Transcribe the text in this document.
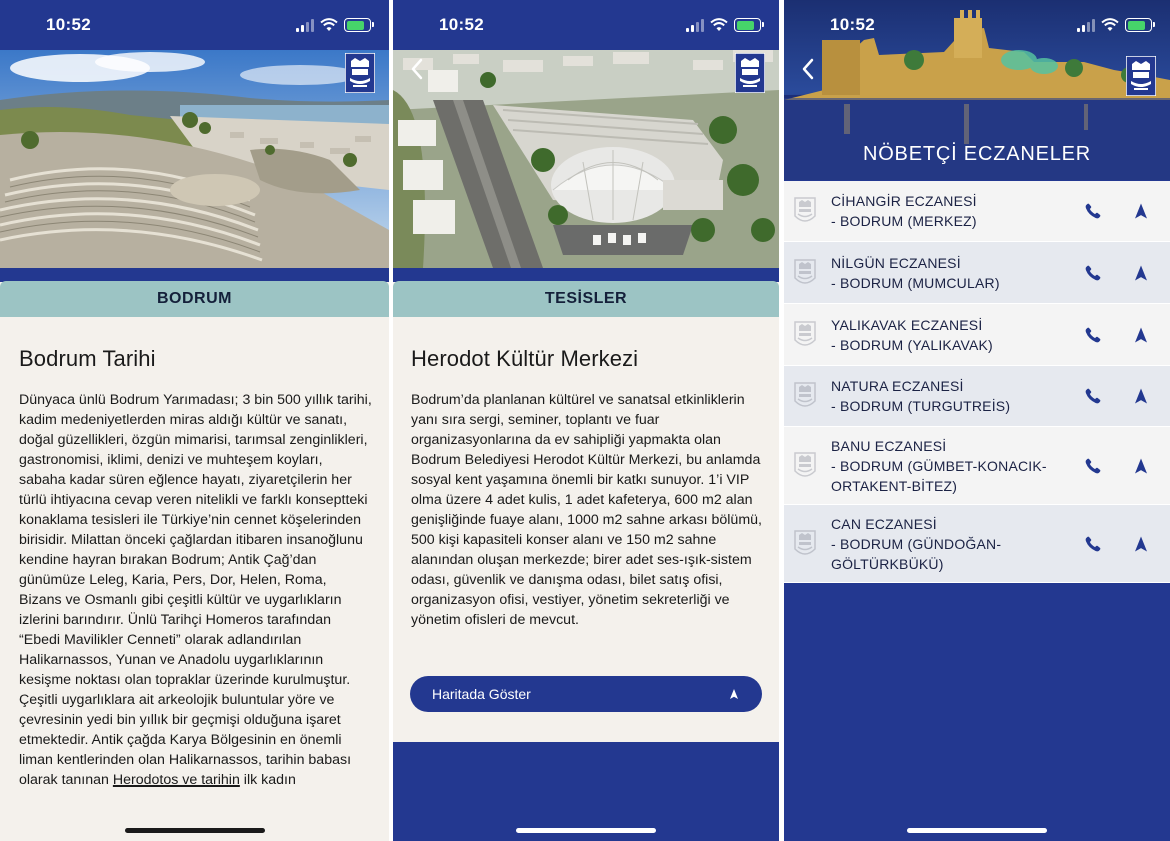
10:52
BODRUM
Bodrum Tarihi

Dünyaca ünlü Bodrum Yarımadası; 3 bin 500 yıllık tarihi, kadim medeniyetlerden miras aldığı kültür ve sanatı, doğal güzellikleri, özgün mimarisi, tarımsal zenginlikleri, gastronomisi, iklimi, denizi ve muhteşem koyları, sabaha kadar süren eğlence hayatı, ziyaretçilerin her türlü ihtiyacına cevap veren nitelikli ve farklı konseptteki konaklama tesisleri ile Türkiye’nin cennet köşelerinden birisidir. Milattan önceki çağlardan itibaren insanoğlunu kendine hayran bırakan Bodrum; Antik Çağ’dan günümüze Leleg, Karia, Pers, Dor, Helen, Roma, Bizans ve Osmanlı gibi çeşitli kültür ve uygarlıkların izlerini barındırır. Ünlü Tarihçi Homeros tarafından “Ebedi Mavilikler Cenneti” olarak adlandırılan Halikarnassos, Yunan ve Anadolu uygarlıklarının kesişme noktası olan topraklar üzerinde kurulmuştur. Çeşitli uygarlıklara ait arkeolojik buluntular yöre ve çevresinin yedi bin yıllık bir geçmişi olduğuna işaret etmektedir. Antik çağda Karya Bölgesinin en önemli liman kentlerinden olan Halikarnassos, tarihin babası olarak tanınan Herodotos ve tarihin ilk kadın

10:52
TESİSLER
Herodot Kültür Merkezi

Bodrum’da planlanan kültürel ve sanatsal etkinliklerin yanı sıra sergi, seminer, toplantı ve fuar organizasyonlarına da ev sahipliği yapmakta olan Bodrum Belediyesi Herodot Kültür Merkezi, bu anlamda sosyal kent yaşamına önemli bir katkı sunuyor. 1’i VIP olma üzere 4 adet kulis, 1 adet kafeterya, 600 m2 alan genişliğinde fuaye alanı, 1000 m2 sahne arkası bölümü, 500 kişi kapasiteli konser alanı ve 150 m2 sahne alanından oluşan merkezde; birer adet ses-ışık-sistem odası, güvenlik ve danışma odası, bilet satış ofisi, organizasyon ofisi, vestiyer, yönetim sekreterliği ve yönetim ofisleri de mevcut.

Haritada Göster
10:52
NÖBETÇİ ECZANELER
CİHANGİR ECZANESİ
- BODRUM (MERKEZ)
NİLGÜN ECZANESİ
- BODRUM (MUMCULAR)
YALIKAVAK ECZANESİ
- BODRUM (YALIKAVAK)
NATURA ECZANESİ
- BODRUM (TURGUTREİS)
BANU ECZANESİ
- BODRUM (GÜMBET-KONACIK-
ORTAKENT-BİTEZ)
CAN ECZANESİ
- BODRUM (GÜNDOĞAN-
GÖLTÜRKBÜKÜ)
